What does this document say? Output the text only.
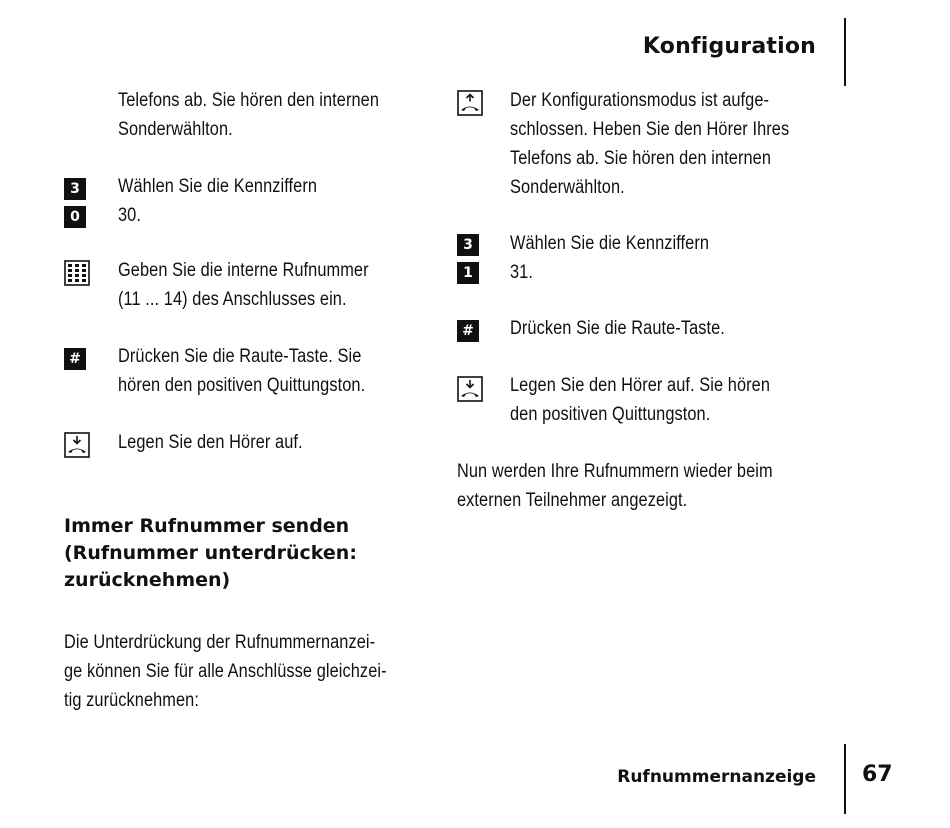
Konfiguration
Telefons ab. Sie hören den internen
Sonderwählton.
3
0
Wählen Sie die Kennziffern
30.
Geben Sie die interne Rufnummer
(11 ... 14) des Anschlusses ein.
# Drücken Sie die Raute-Taste. Sie
hören den positiven Quittungston.
Legen Sie den Hörer auf.
Immer Rufnummer senden
(Rufnummer unterdrücken:
zurücknehmen)
Die Unterdrückung der Rufnummernanzei-
ge können Sie für alle Anschlüsse gleichzei-
tig zurücknehmen:
Der Konfigurationsmodus ist aufge-
schlossen. Heben Sie den Hörer Ihres
Telefons ab. Sie hören den internen
Sonderwählton.
3
1
Wählen Sie die Kennziffern
31.
# Drücken Sie die Raute-Taste.
Legen Sie den Hörer auf. Sie hören
den positiven Quittungston.
Nun werden Ihre Rufnummern wieder beim
externen Teilnehmer angezeigt.
Rufnummernanzeige 67
